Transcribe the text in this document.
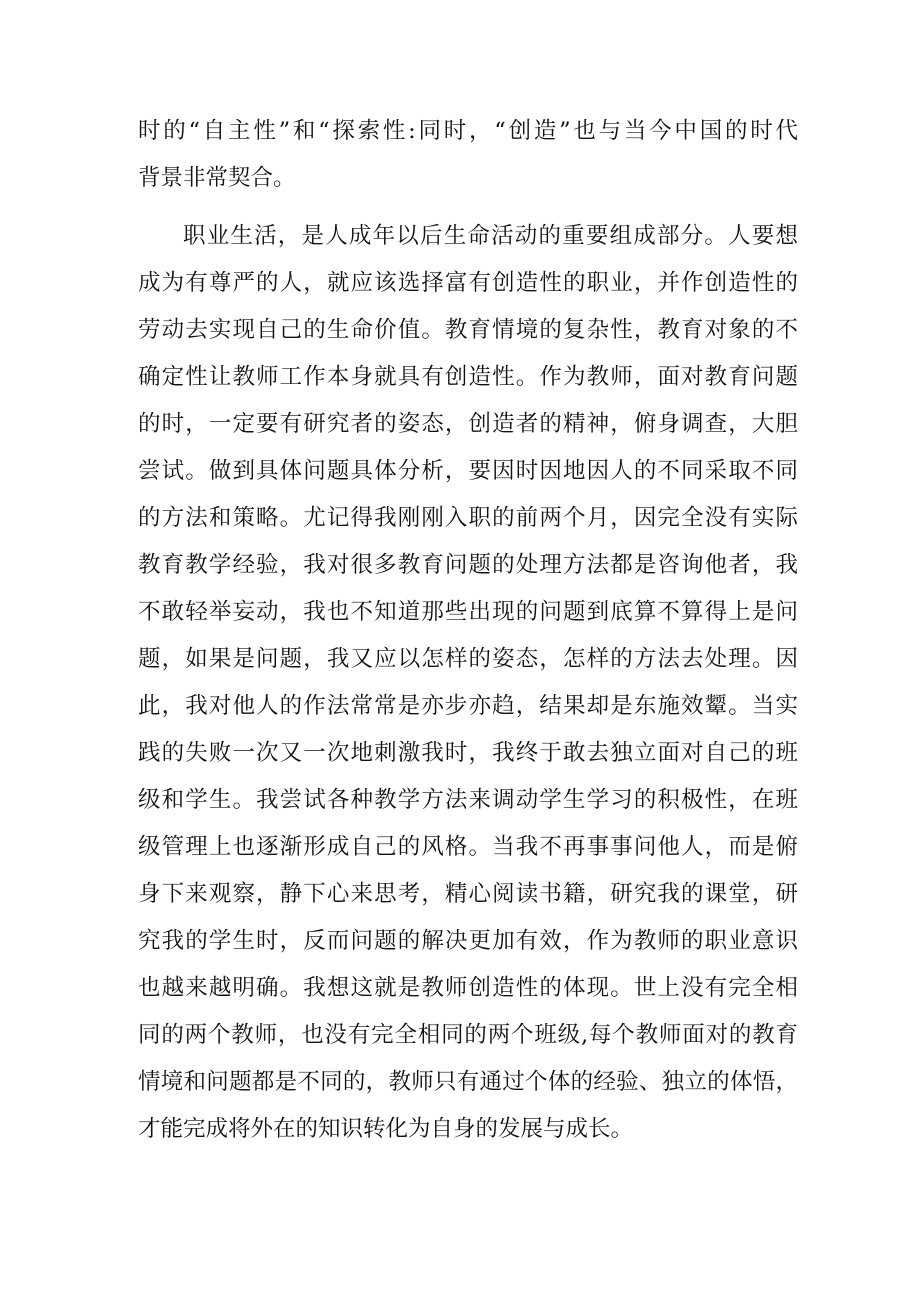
时的“自主性”和“探索性:同时，“创造”也与当今中国的时代
背景非常契合。
职业生活，是人成年以后生命活动的重要组成部分。人要想
成为有尊严的人，就应该选择富有创造性的职业，并作创造性的
劳动去实现自己的生命价值。教育情境的复杂性，教育对象的不
确定性让教师工作本身就具有创造性。作为教师，面对教育问题
的时，一定要有研究者的姿态，创造者的精神，俯身调查，大胆
尝试。做到具体问题具体分析，要因时因地因人的不同采取不同
的方法和策略。尤记得我刚刚入职的前两个月，因完全没有实际
教育教学经验，我对很多教育问题的处理方法都是咨询他者，我
不敢轻举妄动，我也不知道那些出现的问题到底算不算得上是问
题，如果是问题，我又应以怎样的姿态，怎样的方法去处理。因
此，我对他人的作法常常是亦步亦趋，结果却是东施效颦。当实
践的失败一次又一次地刺激我时，我终于敢去独立面对自己的班
级和学生。我尝试各种教学方法来调动学生学习的积极性，在班
级管理上也逐渐形成自己的风格。当我不再事事问他人，而是俯
身下来观察，静下心来思考，精心阅读书籍，研究我的课堂，研
究我的学生时，反而问题的解决更加有效，作为教师的职业意识
也越来越明确。我想这就是教师创造性的体现。世上没有完全相
同的两个教师，也没有完全相同的两个班级,每个教师面对的教育
情境和问题都是不同的，教师只有通过个体的经验、独立的体悟，
才能完成将外在的知识转化为自身的发展与成长。
